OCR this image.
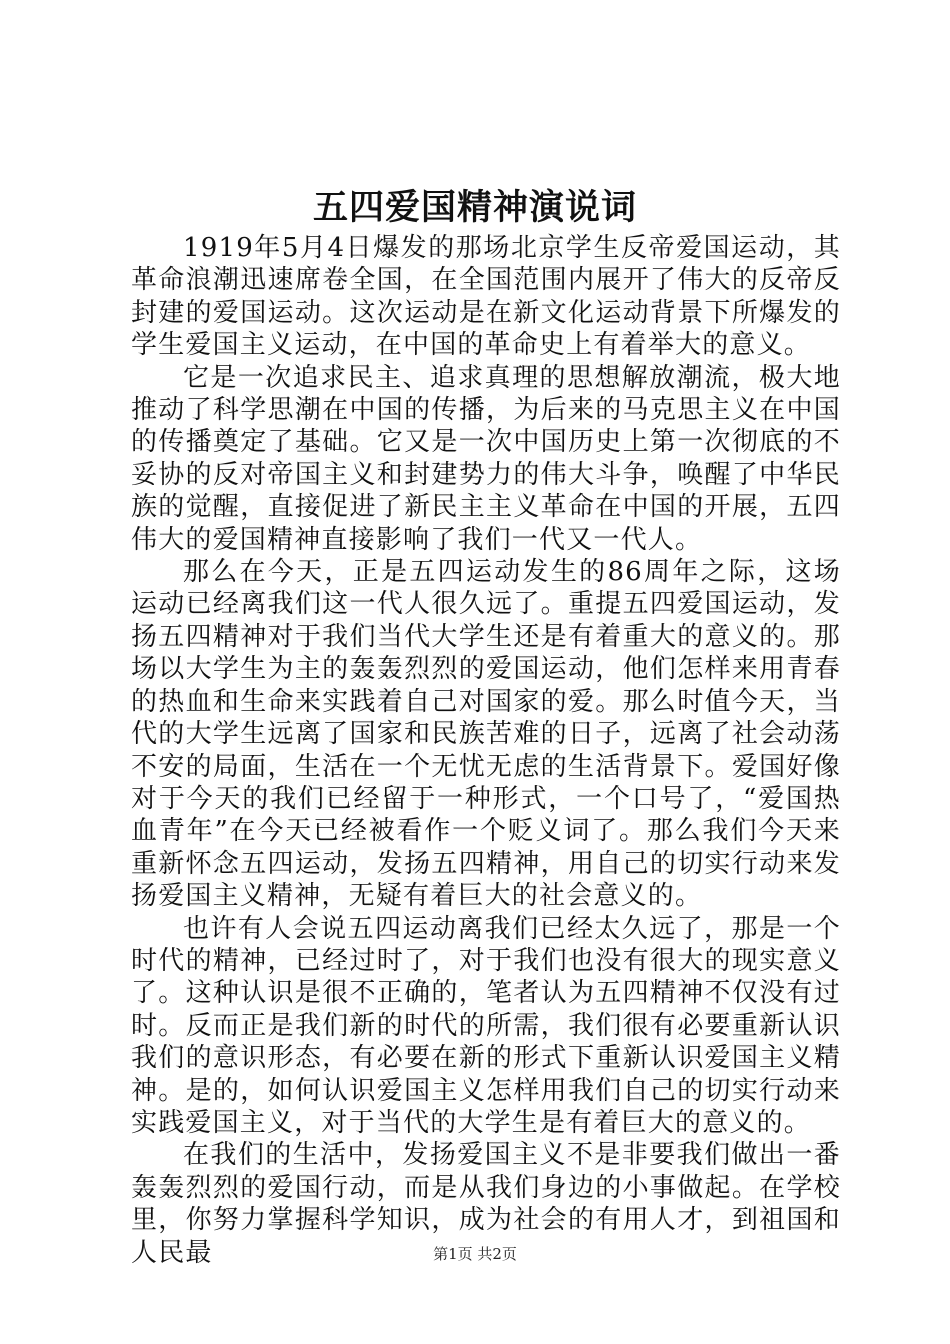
五四爱国精神演说词

1919年5月4日爆发的那场北京学生反帝爱国运动，其革命浪潮迅速席卷全国，在全国范围内展开了伟大的反帝反封建的爱国运动。这次运动是在新文化运动背景下所爆发的学生爱国主义运动，在中国的革命史上有着举大的意义。

它是一次追求民主、追求真理的思想解放潮流，极大地推动了科学思潮在中国的传播，为后来的马克思主义在中国的传播奠定了基础。它又是一次中国历史上第一次彻底的不妥协的反对帝国主义和封建势力的伟大斗争，唤醒了中华民族的觉醒，直接促进了新民主主义革命在中国的开展，五四伟大的爱国精神直接影响了我们一代又一代人。

那么在今天，正是五四运动发生的86周年之际，这场运动已经离我们这一代人很久远了。重提五四爱国运动，发扬五四精神对于我们当代大学生还是有着重大的意义的。那场以大学生为主的轰轰烈烈的爱国运动，他们怎样来用青春的热血和生命来实践着自己对国家的爱。那么时值今天，当代的大学生远离了国家和民族苦难的日子，远离了社会动荡不安的局面，生活在一个无忧无虑的生活背景下。爱国好像对于今天的我们已经留于一种形式，一个口号了，“爱国热血青年”在今天已经被看作一个贬义词了。那么我们今天来重新怀念五四运动，发扬五四精神，用自己的切实行动来发扬爱国主义精神，无疑有着巨大的社会意义的。

也许有人会说五四运动离我们已经太久远了，那是一个时代的精神，已经过时了，对于我们也没有很大的现实意义了。这种认识是很不正确的，笔者认为五四精神不仅没有过时。反而正是我们新的时代的所需，我们很有必要重新认识我们的意识形态，有必要在新的形式下重新认识爱国主义精神。是的，如何认识爱国主义怎样用我们自己的切实行动来实践爱国主义，对于当代的大学生是有着巨大的意义的。

在我们的生活中，发扬爱国主义不是非要我们做出一番轰轰烈烈的爱国行动，而是从我们身边的小事做起。在学校里，你努力掌握科学知识，成为社会的有用人才，到祖国和人民最	第1页 共2页
